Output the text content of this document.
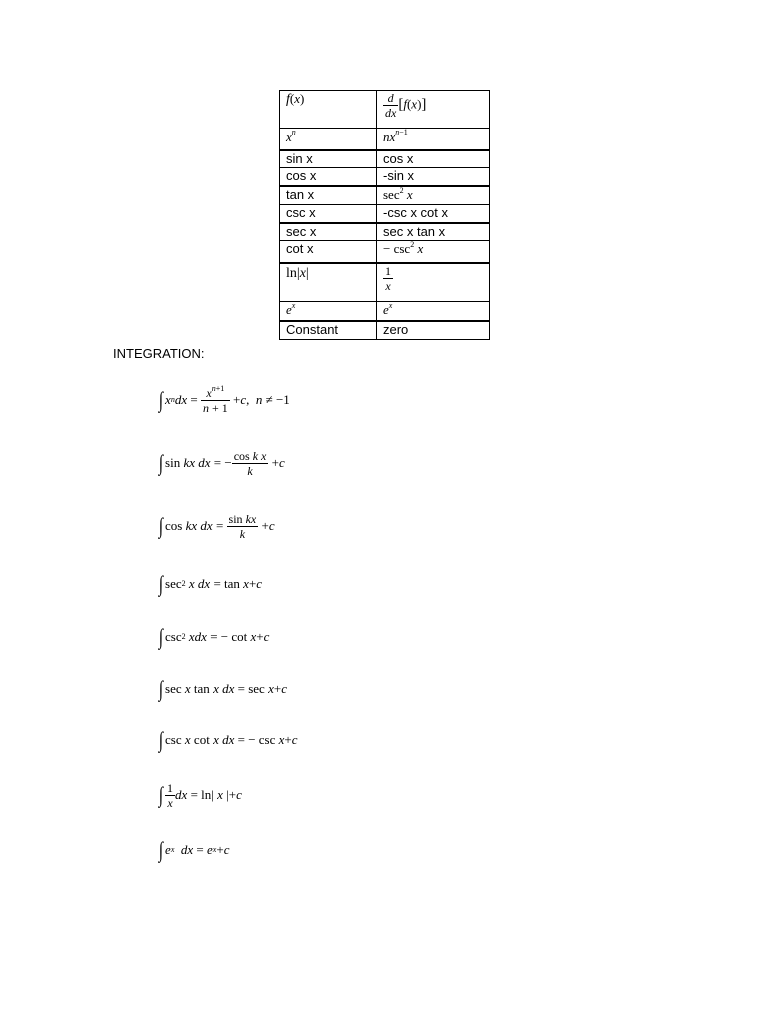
f(x)	$\frac{d}{dx} [f(x)]$
$x^n$	$nx^{n-1}$
sin x	cos x
cos x	-sin x
tan x	$\sec^2 x$
csc x	-csc x cot x
sec x	sec x tan x
cot x	− $\csc^2 x$
ln|x|	$\frac{1}{x}$

$e^x$	$e^x$
Constant	zero
INTEGRATION:
∫ x n dx = $\frac{x^{n+1}}{n + 1} + c$ , n ≠ −1
∫ sin kx
dx = − $\frac{\text{cos k x}}{k} + c$
∫ cos kx
dx = $\frac{\text{sin kx}}{k} + c$
∫ sec 2
x
dx = tan x + c
∫ csc 2
xdx = − cot x + c
∫ sec x tan x
dx = sec x + c
∫ csc x cot x
dx = − csc x + c
∫ $\frac{1}{x}$ dx = ln| x |+ c
∫ e x
dx = e x + c
